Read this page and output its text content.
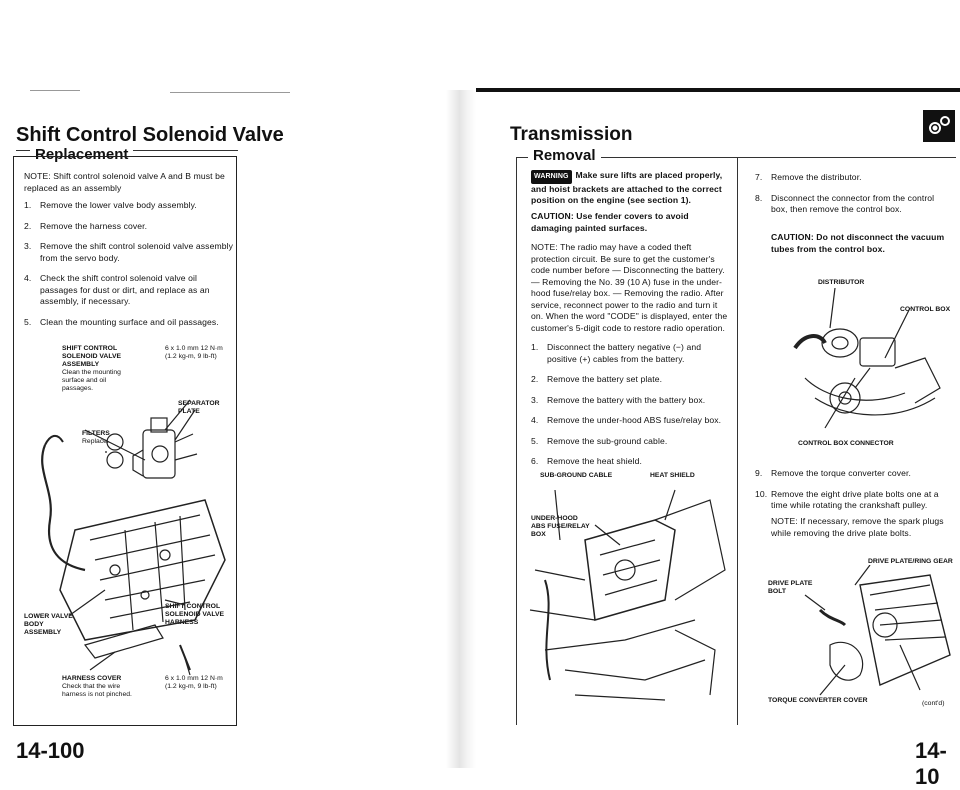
Shift Control Solenoid Valve
Replacement
NOTE: Shift control solenoid valve A and B must be replaced as an assembly
1.	Remove the lower valve body assembly.
2.	Remove the harness cover.
3.	Remove the shift control solenoid valve assembly from the servo body.
4.	Check the shift control solenoid valve oil passages for dust or dirt, and replace as an assembly, if necessary.
5.	Clean the mounting surface and oil passages.
SHIFT CONTROL SOLENOID VALVE ASSEMBLY
Clean the mounting surface and oil passages.
6 x 1.0 mm 12 N·m (1.2 kg-m, 9 lb-ft)
SEPARATOR PLATE
FILTERS
Replace.
LOWER VALVE BODY ASSEMBLY
SHIFT CONTROL SOLENOID VALVE HARNESS
HARNESS COVER
Check that the wire harness is not pinched.
6 x 1.0 mm 12 N·m (1.2 kg-m, 9 lb-ft)
14-100
Transmission
Removal
WARNING Make sure lifts are placed properly, and hoist brackets are attached to the correct position on the engine (see section 1).
CAUTION: Use fender covers to avoid damaging painted surfaces.
NOTE: The radio may have a coded theft protection circuit. Be sure to get the customer's code number before — Disconnecting the battery. — Removing the No. 39 (10 A) fuse in the under-hood fuse/relay box. — Removing the radio. After service, reconnect power to the radio and turn it on. When the word "CODE" is displayed, enter the customer's 5-digit code to restore radio operation.
1.	Disconnect the battery negative (−) and positive (+) cables from the battery.
2.	Remove the battery set plate.
3.	Remove the battery with the battery box.
4.	Remove the under-hood ABS fuse/relay box.
5.	Remove the sub-ground cable.
6.	Remove the heat shield.
SUB-GROUND CABLE	HEAT SHIELD
UNDER-HOOD ABS FUSE/RELAY BOX
7.	Remove the distributor.
8.	Disconnect the connector from the control box, then remove the control box.
CAUTION: Do not disconnect the vacuum tubes from the control box.
DISTRIBUTOR
CONTROL BOX
CONTROL BOX CONNECTOR
9.	Remove the torque converter cover.
10. Remove the eight drive plate bolts one at a time while rotating the crankshaft pulley.
NOTE: If necessary, remove the spark plugs while removing the drive plate bolts.
DRIVE PLATE/RING GEAR
DRIVE PLATE BOLT
TORQUE CONVERTER COVER	(cont'd)
14-10
